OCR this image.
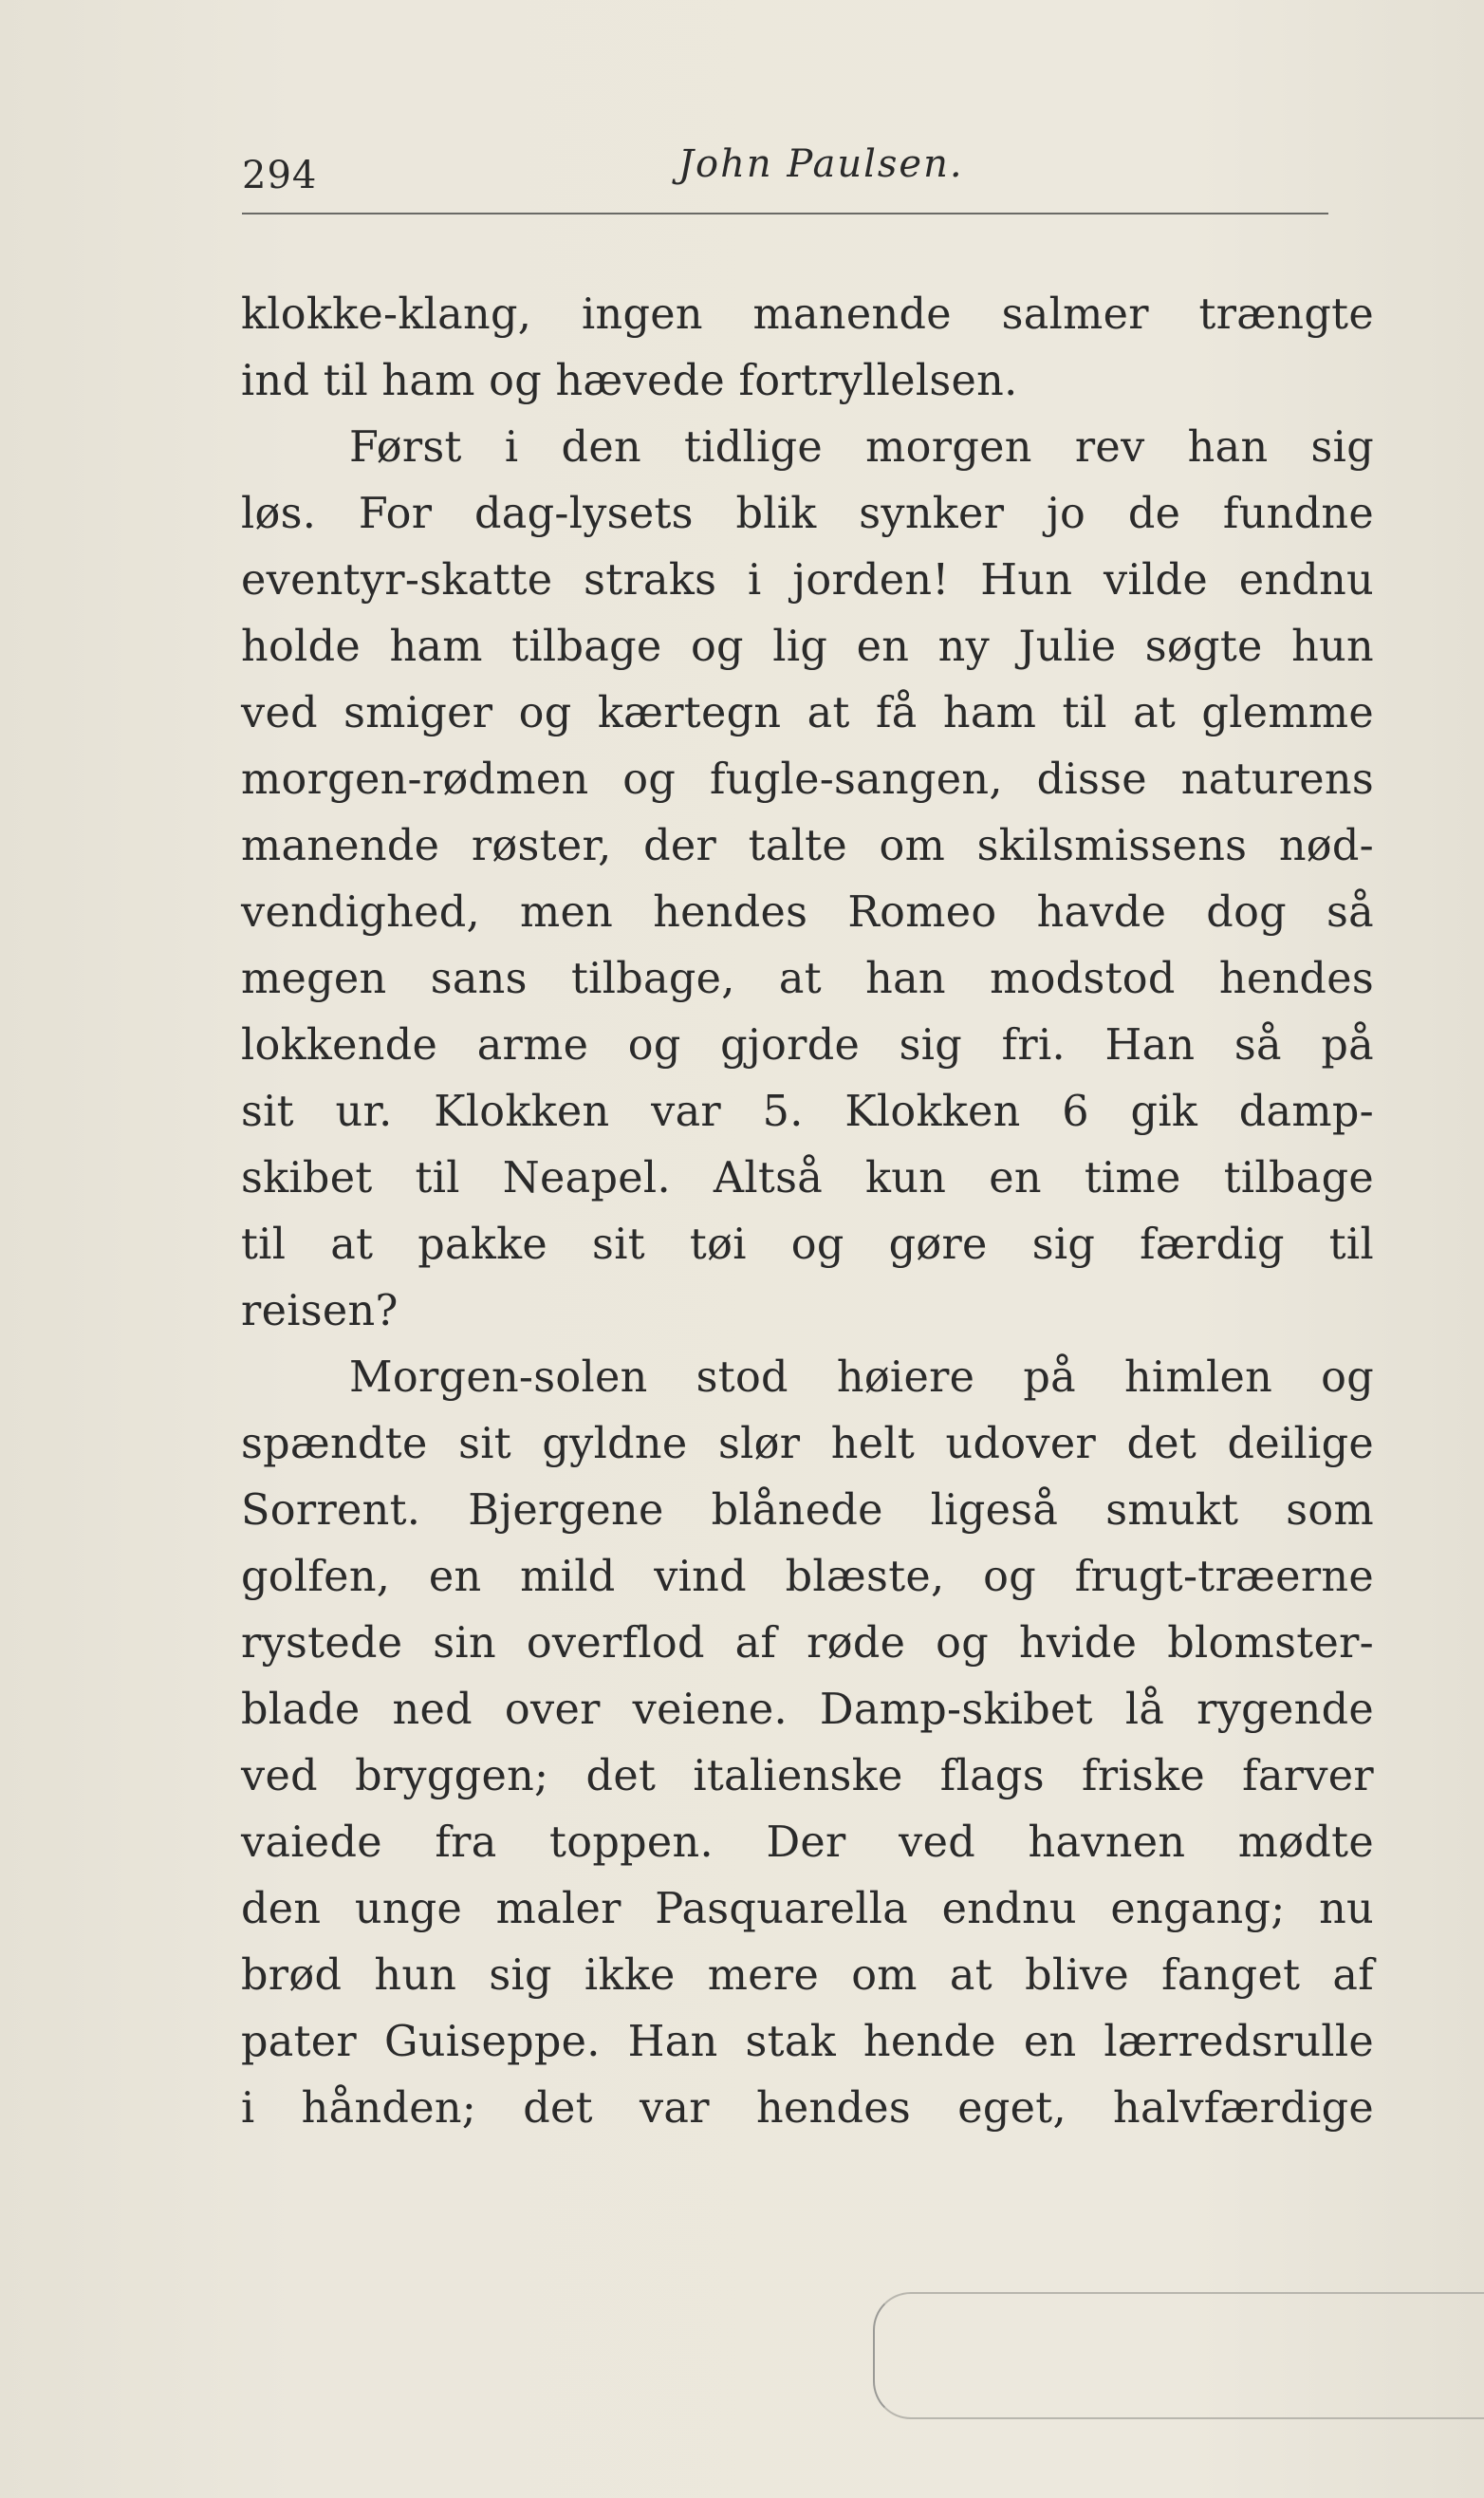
294	John Paulsen.
klokke-klang, ingen manende salmer trængte
ind til ham og hævede fortryllelsen.
Først i den tidlige morgen rev han sig
løs. For dag-lysets blik synker jo de fundne
eventyr-skatte straks i jorden! Hun vilde endnu
holde ham tilbage og lig en ny Julie søgte hun
ved smiger og kærtegn at få ham til at glemme
morgen-rødmen og fugle-sangen, disse naturens
manende røster, der talte om skilsmissens nød-
vendighed, men hendes Romeo havde dog så
megen sans tilbage, at han modstod hendes
lokkende arme og gjorde sig fri. Han så på
sit ur. Klokken var 5. Klokken 6 gik damp-
skibet til Neapel. Altså kun en time tilbage
til at pakke sit tøi og gøre sig færdig til
reisen?
Morgen-solen stod høiere på himlen og
spændte sit gyldne slør helt udover det deilige
Sorrent. Bjergene blånede ligeså smukt som
golfen, en mild vind blæste, og frugt-træerne
rystede sin overflod af røde og hvide blomster-
blade ned over veiene. Damp-skibet lå rygende
ved bryggen; det italienske flags friske farver
vaiede fra toppen. Der ved havnen mødte
den unge maler Pasquarella endnu engang; nu
brød hun sig ikke mere om at blive fanget af
pater Guiseppe. Han stak hende en lærredsrulle
i hånden; det var hendes eget, halvfærdige
